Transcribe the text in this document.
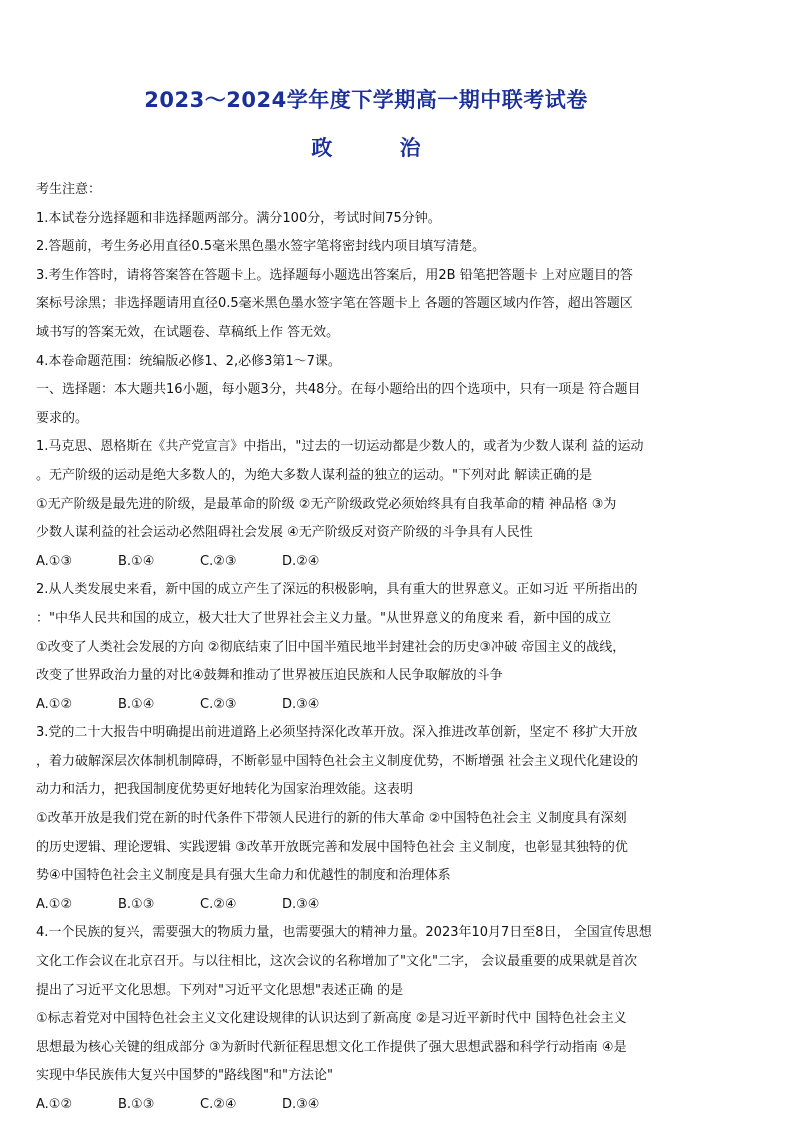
2023～2024学年度下学期高一期中联考试卷
政 治
考生注意：
1.本试卷分选择题和非选择题两部分。满分100分，考试时间75分钟。
2.答题前，考生务必用直径0.5毫米黑色墨水签字笔将密封线内项目填写清楚。
3.考生作答时，请将答案答在答题卡上。选择题每小题选出答案后，用2B 铅笔把答题卡 上对应题目的答
案标号涂黑；非选择题请用直径0.5毫米黑色墨水签字笔在答题卡上 各题的答题区域内作答，超出答题区
域书写的答案无效，在试题卷、草稿纸上作 答无效。
4.本卷命题范围：统编版必修1、2,必修3第1～7课。
一、选择题：本大题共16小题，每小题3分，共48分。在每小题给出的四个选项中，只有一项是 符合题目
要求的。
1.马克思、恩格斯在《共产党宣言》中指出，"过去的一切运动都是少数人的，或者为少数人谋利 益的运动
。无产阶级的运动是绝大多数人的，为绝大多数人谋利益的独立的运动。"下列对此 解读正确的是
①无产阶级是最先进的阶级，是最革命的阶级 ②无产阶级政党必须始终具有自我革命的精 神品格 ③为
少数人谋利益的社会运动必然阻碍社会发展 ④无产阶级反对资产阶级的斗争具有人民性
A.①③	B.①④	C.②③	D.②④
2.从人类发展史来看，新中国的成立产生了深远的积极影响，具有重大的世界意义。正如习近 平所指出的
："中华人民共和国的成立，极大壮大了世界社会主义力量。"从世界意义的角度来 看，新中国的成立
①改变了人类社会发展的方向 ②彻底结束了旧中国半殖民地半封建社会的历史③冲破 帝国主义的战线，
改变了世界政治力量的对比④鼓舞和推动了世界被压迫民族和人民争取解放的斗争
A.①②	B.①④	C.②③	D.③④
3.党的二十大报告中明确提出前进道路上必须坚持深化改革开放。深入推进改革创新，坚定不 移扩大开放
，着力破解深层次体制机制障碍，不断彰显中国特色社会主义制度优势，不断增强 社会主义现代化建设的
动力和活力，把我国制度优势更好地转化为国家治理效能。这表明
①改革开放是我们党在新的时代条件下带领人民进行的新的伟大革命 ②中国特色社会主 义制度具有深刻
的历史逻辑、理论逻辑、实践逻辑 ③改革开放既完善和发展中国特色社会 主义制度，也彰显其独特的优
势④中国特色社会主义制度是具有强大生命力和优越性的制度和治理体系
A.①②	B.①③	C.②④	D.③④
4.一个民族的复兴，需要强大的物质力量，也需要强大的精神力量。2023年10月7日至8日， 全国宣传思想
文化工作会议在北京召开。与以往相比，这次会议的名称增加了"文化"二字， 会议最重要的成果就是首次
提出了习近平文化思想。下列对"习近平文化思想"表述正确 的是
①标志着党对中国特色社会主义文化建设规律的认识达到了新高度 ②是习近平新时代中 国特色社会主义
思想最为核心关键的组成部分 ③为新时代新征程思想文化工作提供了强大思想武器和科学行动指南 ④是
实现中华民族伟大复兴中国梦的"路线图"和"方法论"
A.①②	B.①③	C.②④	D.③④
